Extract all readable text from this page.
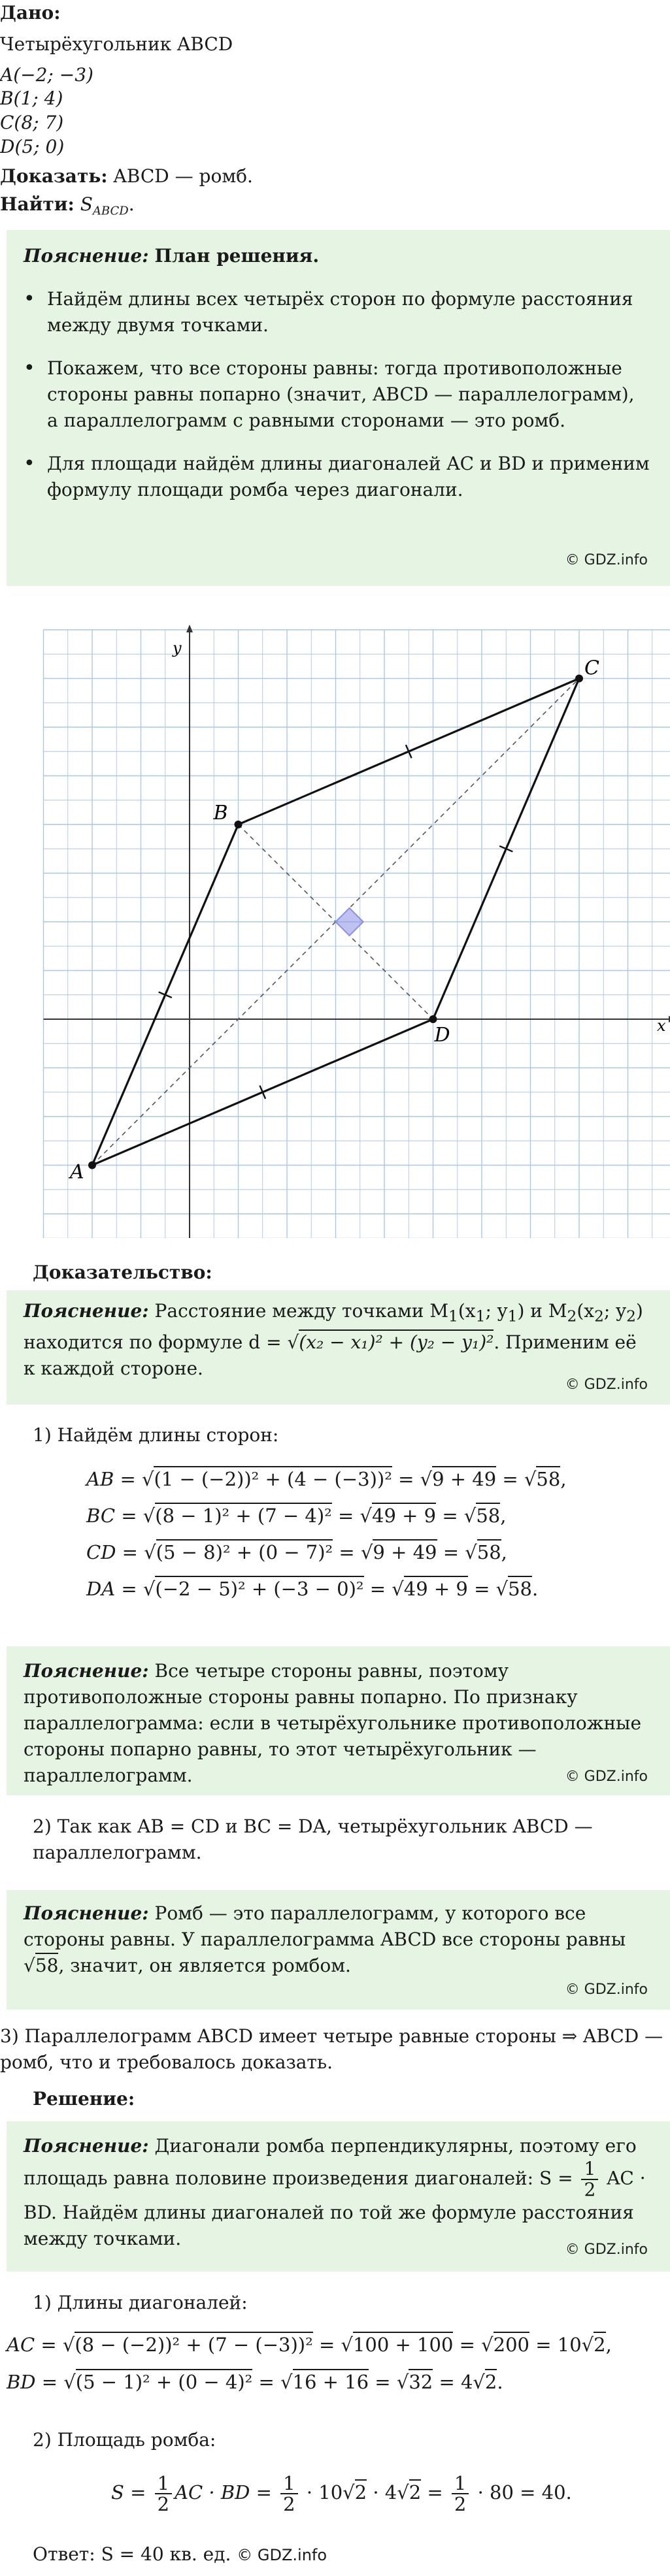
Дано:
Четырёхугольник ABCD
A(−2; −3)
B(1; 4)
C(8; 7)
D(5; 0)
Доказать: ABCD — ромб.
Найти: $S_{ABCD}$.
Пояснение: План решения.
• Найдём длины всех четырёх сторон по формуле расстояния между двумя точками.
• Покажем, что все стороны равны: тогда противоположные стороны равны попарно (значит, ABCD — параллелограмм), а параллелограмм с равными сторонами — это ромб.
• Для площади найдём длины диагоналей AC и BD и применим формулу площади ромба через диагонали.
© GDZ.info
x
y
A
B
C
D
Доказательство:
Пояснение: Расстояние между точками $M_1(x_1$; $y_1$) и $M_2(x_2$; $y_2$) находится по формуле d = √(x₂ − x₁)² + (y₂ − y₁)². Применим её к каждой стороне.
© GDZ.info
1) Найдём длины сторон:
AB = √(1 − (−2))² + (4 − (−3))² = √9 + 49 = √58,
BC = √(8 − 1)² + (7 − 4)² = √49 + 9 = √58,
CD = √(5 − 8)² + (0 − 7)² = √9 + 49 = √58,
DA = √(−2 − 5)² + (−3 − 0)² = √49 + 9 = √58.
Пояснение: Все четыре стороны равны, поэтому противоположные стороны равны попарно. По признаку параллелограмма: если в четырёхугольнике противоположные стороны попарно равны, то этот четырёхугольник — параллелограмм.	© GDZ.info
2) Так как AB = CD и BC = DA, четырёхугольник ABCD — параллелограмм.
Пояснение: Ромб — это параллелограмм, у которого все стороны равны. У параллелограмма ABCD все стороны равны √58, значит, он является ромбом.
© GDZ.info
3) Параллелограмм ABCD имеет четыре равные стороны ⇒ ABCD — ромб, что и требовалось доказать.
Решение:
Пояснение: Диагонали ромба перпендикулярны, поэтому его площадь равна половине произведения диагоналей: $S = \frac{1}{2}$ AC · BD. Найдём длины диагоналей по той же формуле расстояния между точками.
© GDZ.info
1) Длины диагоналей:
AC = √(8 − (−2))² + (7 − (−3))² = √100 + 100 = √200 = 10√2,
BD = √(5 − 1)² + (0 − 4)² = √16 + 16 = √32 = 4√2.
2) Площадь ромба:
$S = \frac{1}{2}$ AC · BD = $\frac{1}{2} \cdot 10√2 \cdot 4√2 = \frac{1}{2} \cdot 80 = 40$.
Ответ: S = 40 кв. ед. © GDZ.info
